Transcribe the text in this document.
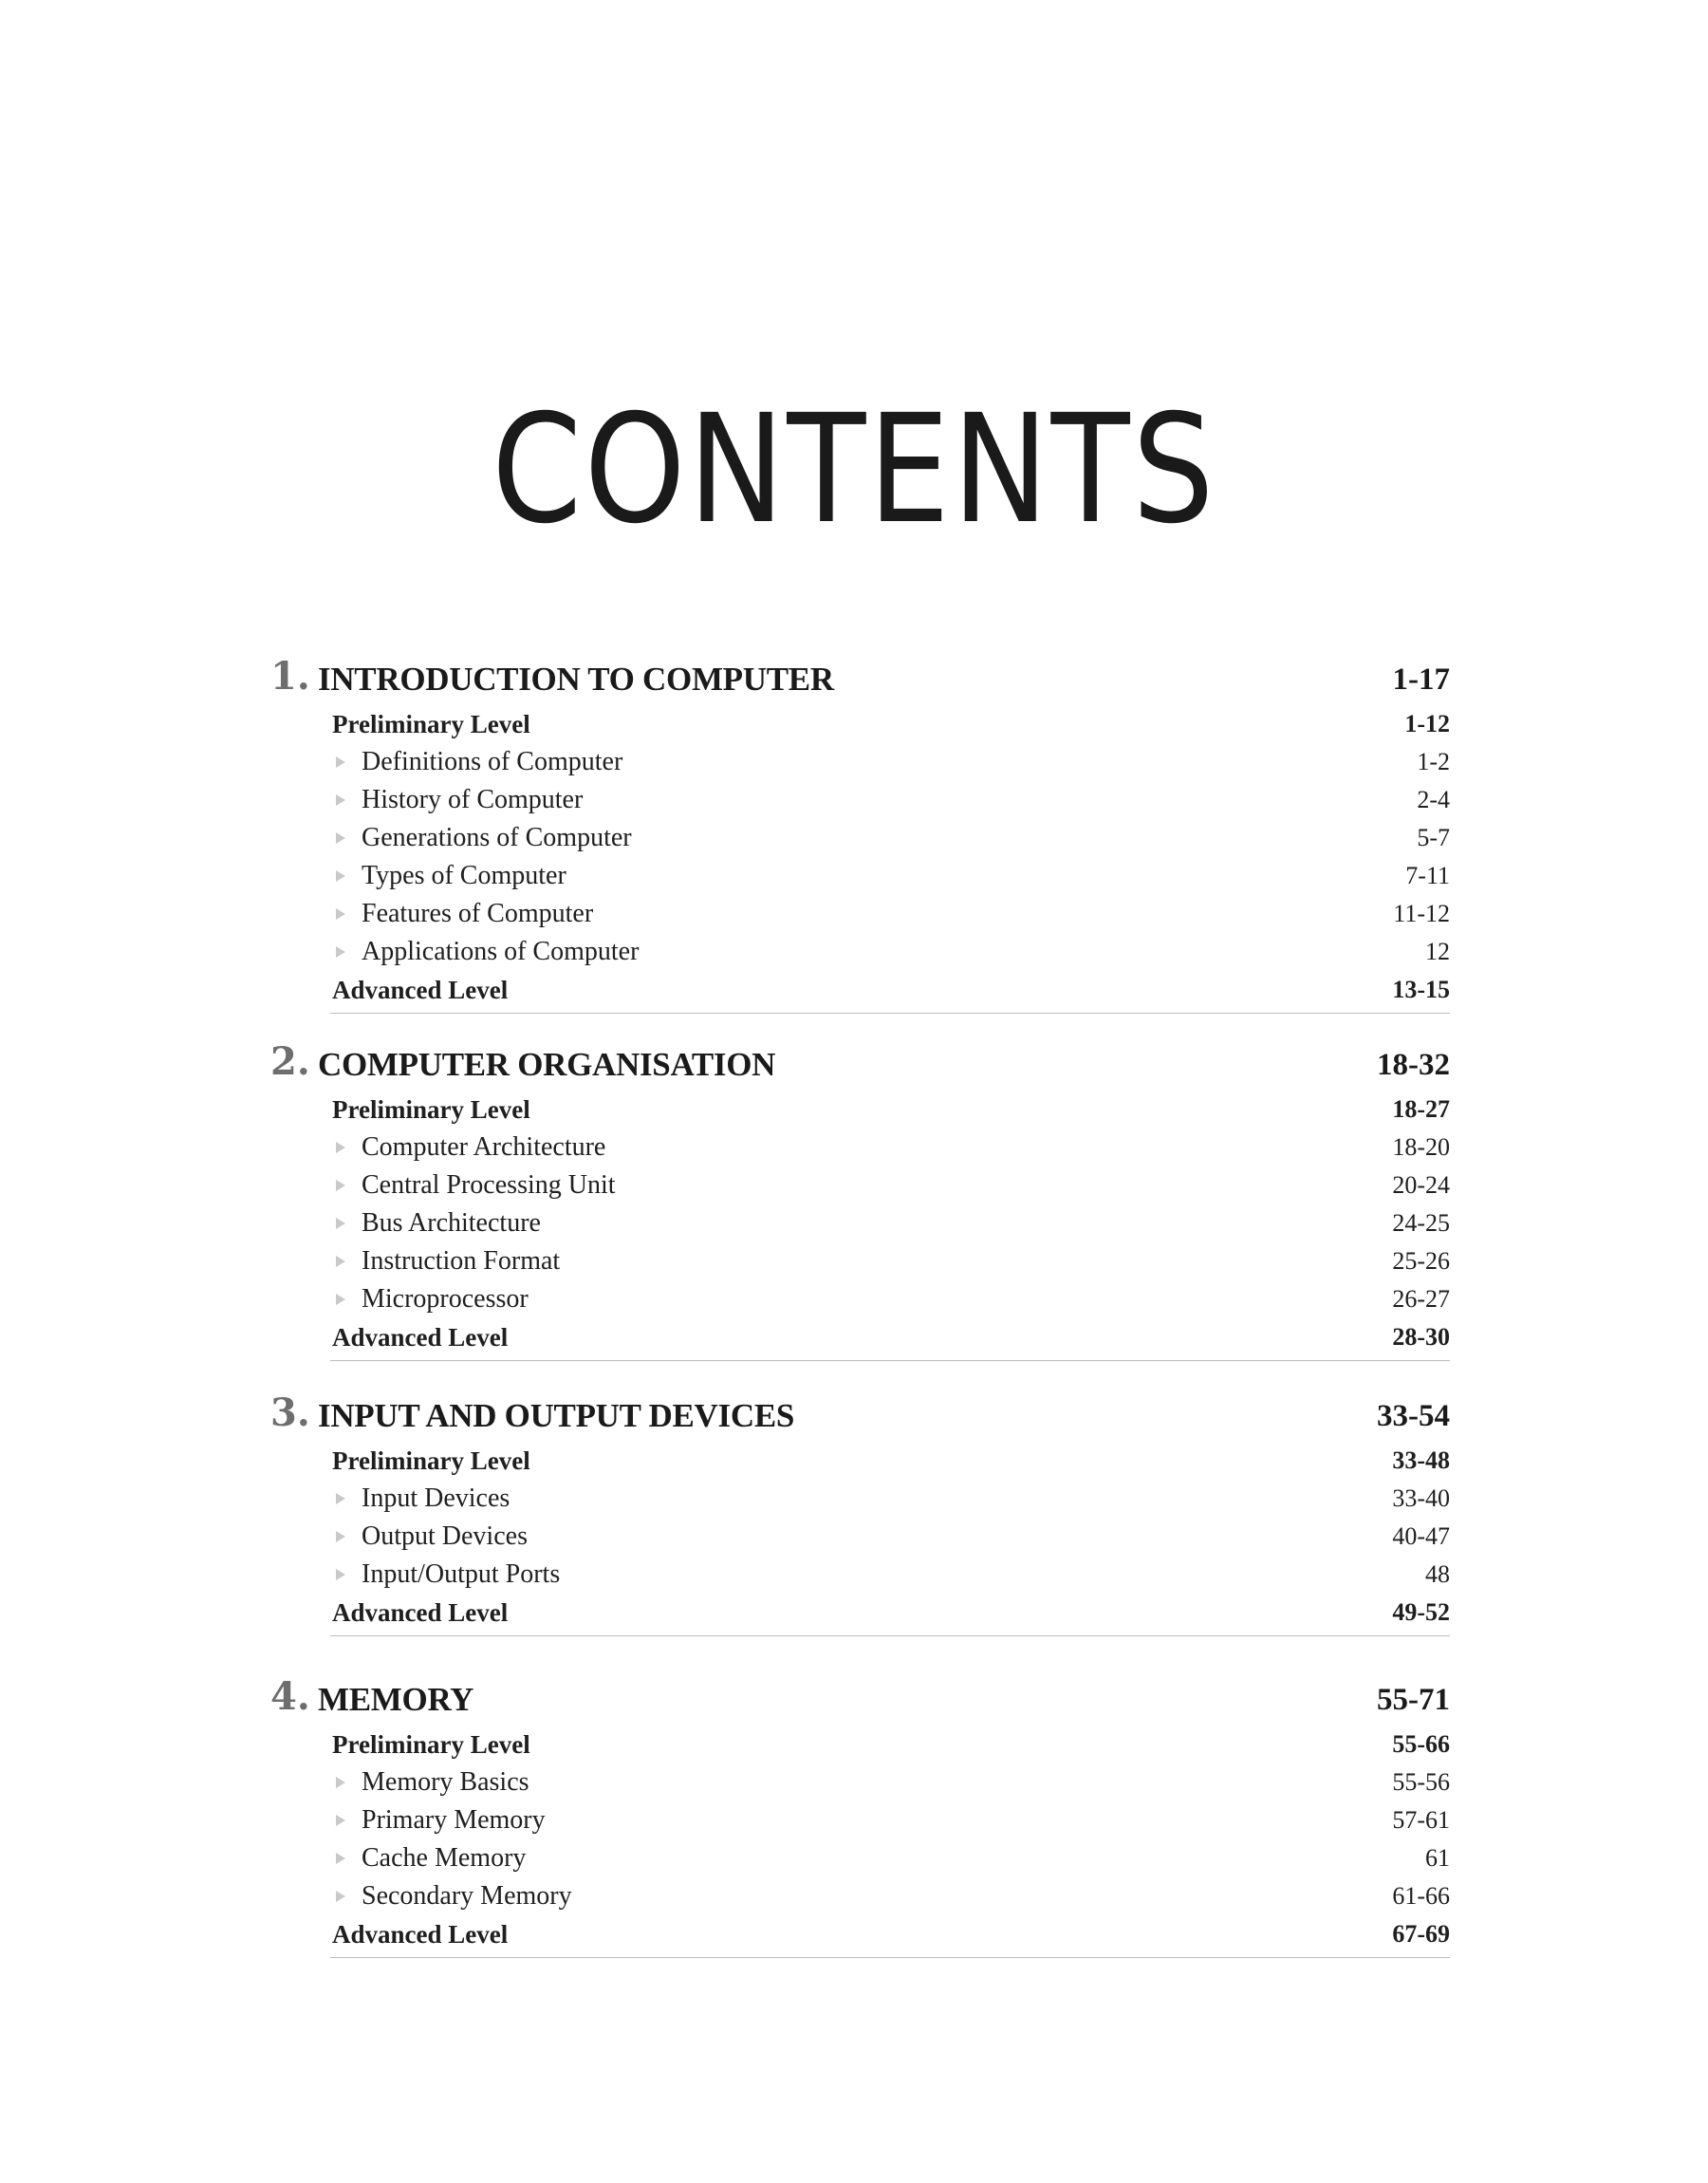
CONTENTS
1. INTRODUCTION TO COMPUTER	1-17
Preliminary Level	1-12
Definitions of Computer	1-2
History of Computer	2-4
Generations of Computer	5-7
Types of Computer	7-11
Features of Computer	11-12
Applications of Computer	12
Advanced Level	13-15
2. COMPUTER ORGANISATION	18-32
Preliminary Level	18-27
Computer Architecture	18-20
Central Processing Unit	20-24
Bus Architecture	24-25
Instruction Format	25-26
Microprocessor	26-27
Advanced Level	28-30
3. INPUT AND OUTPUT DEVICES	33-54
Preliminary Level	33-48
Input Devices	33-40
Output Devices	40-47
Input/Output Ports	48
Advanced Level	49-52
4. MEMORY	55-71
Preliminary Level	55-66
Memory Basics	55-56
Primary Memory	57-61
Cache Memory	61
Secondary Memory	61-66
Advanced Level	67-69
